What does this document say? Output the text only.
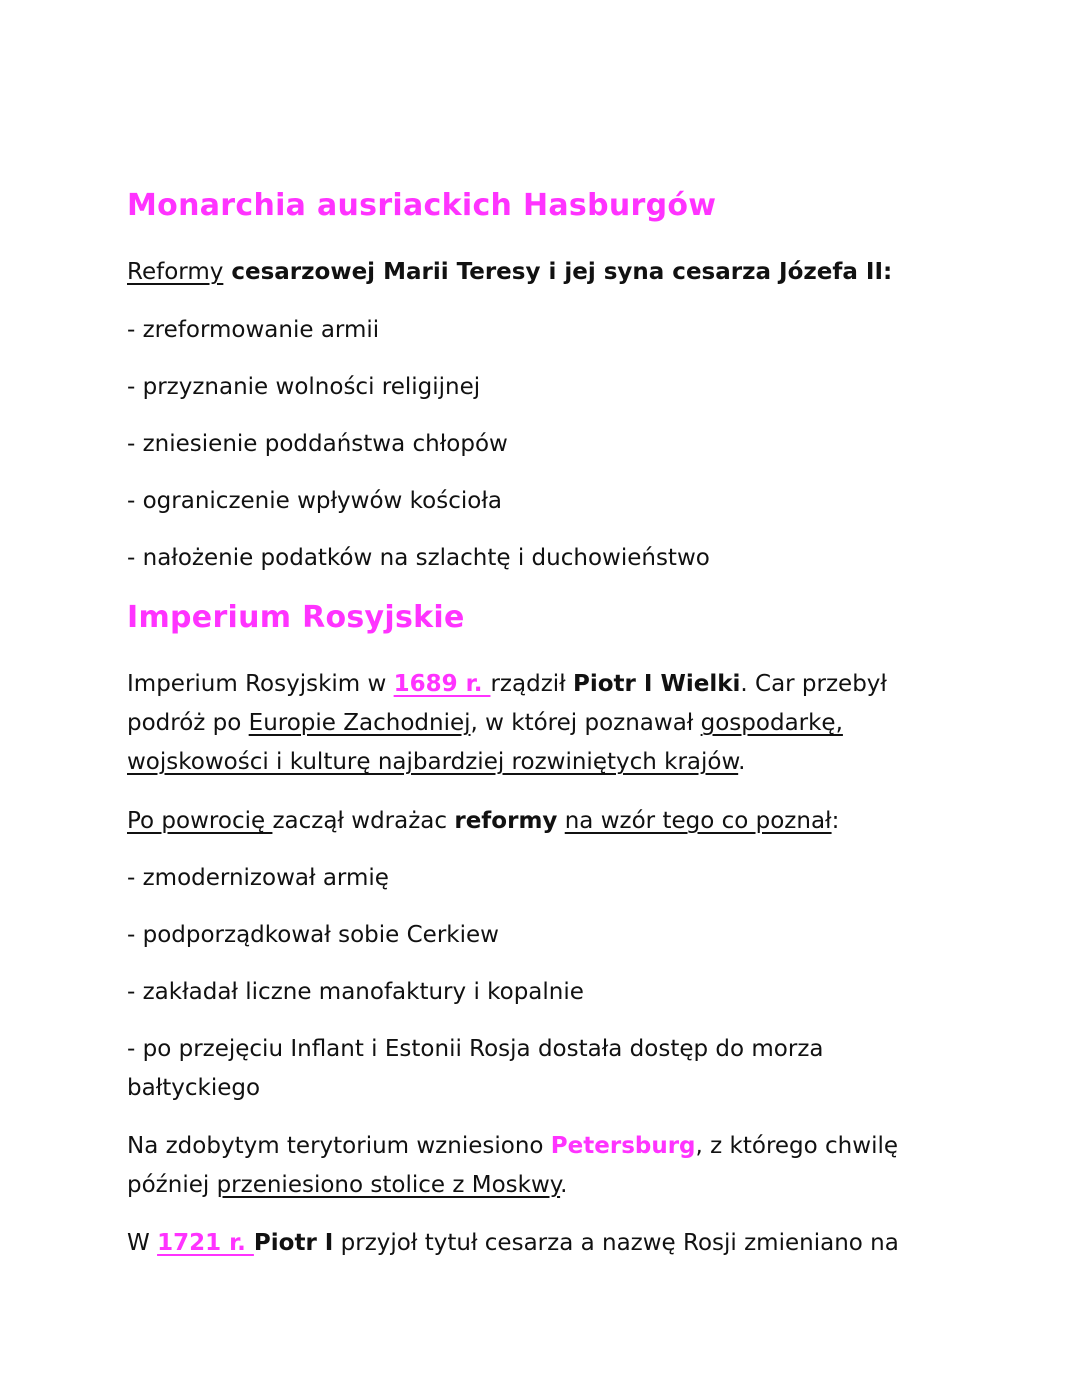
Monarchia ausriackich Hasburgów
Reformy cesarzowej Marii Teresy i jej syna cesarza Józefa II:
- zreformowanie armii
- przyznanie wolności religijnej
- zniesienie poddaństwa chłopów
- ograniczenie wpływów kościoła
- nałożenie podatków na szlachtę i duchowieństwo
Imperium Rosyjskie
Imperium Rosyjskim w 1689 r. rządził Piotr I Wielki. Car przebył
podróż po Europie Zachodniej, w której poznawał gospodarkę,
wojskowości i kulturę najbardziej rozwiniętych krajów.
Po powrocię zaczął wdrażac reformy na wzór tego co poznał:
- zmodernizował armię
- podporządkował sobie Cerkiew
- zakładał liczne manofaktury i kopalnie
- po przejęciu Inflant i Estonii Rosja dostała dostęp do morza
bałtyckiego
Na zdobytym terytorium wzniesiono Petersburg, z którego chwilę
później przeniesiono stolice z Moskwy.
W 1721 r. Piotr I przyjoł tytuł cesarza a nazwę Rosji zmieniano na
